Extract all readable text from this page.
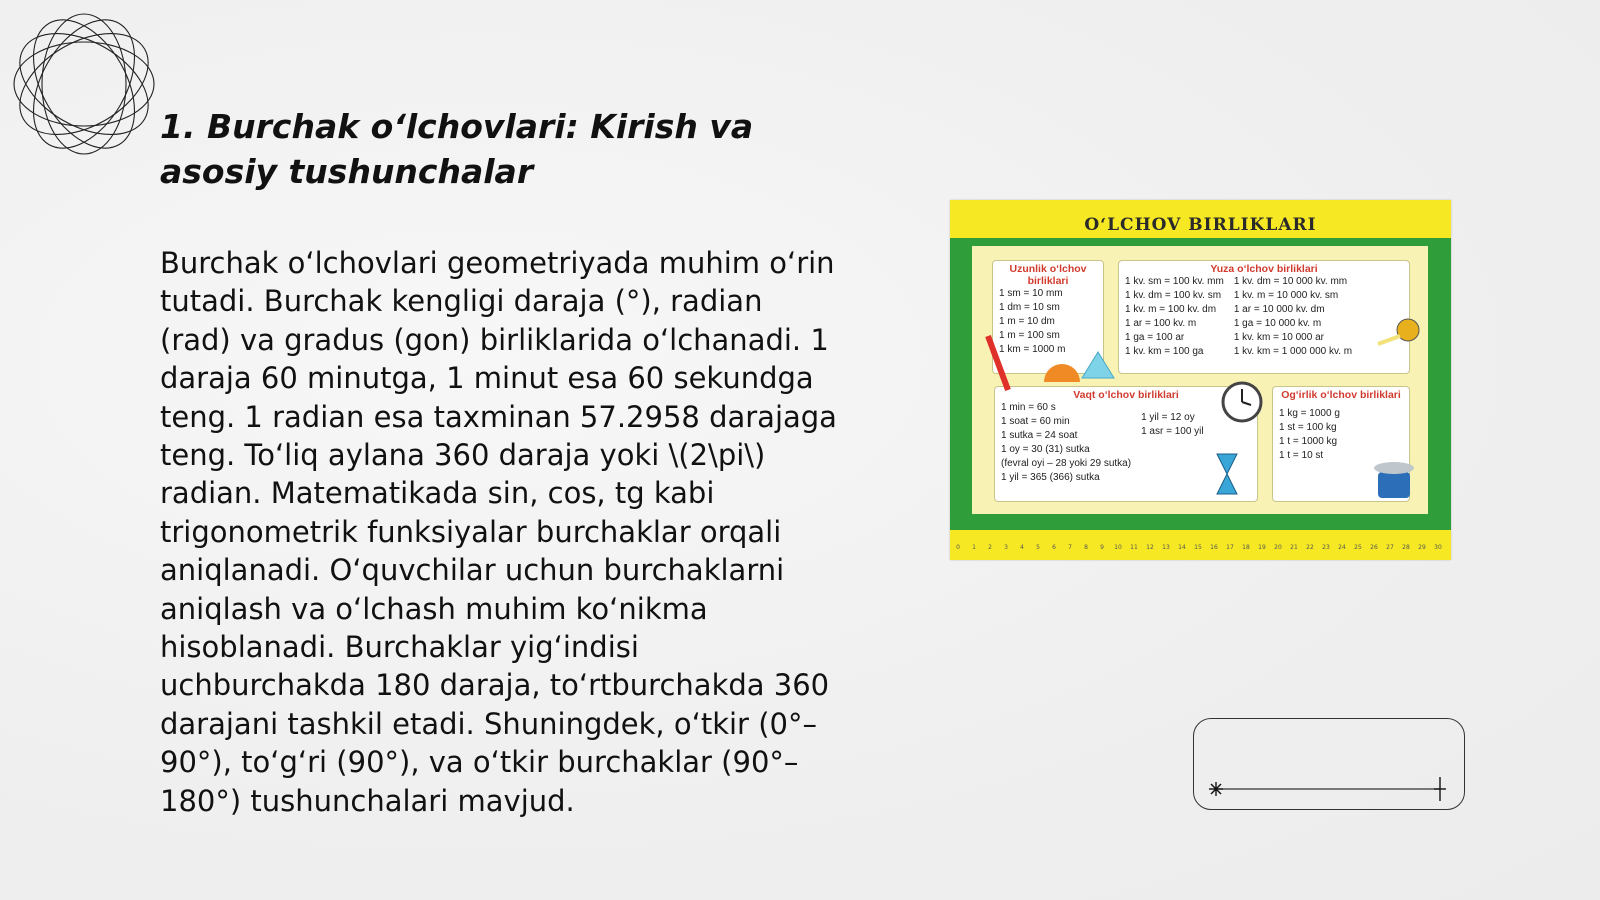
1. Burchak o‘lchovlari: Kirish va asosiy tushunchalar

Burchak o‘lchovlari geometriyada muhim o‘rin tutadi. Burchak kengligi daraja (°), radian (rad) va gradus (gon) birliklarida o‘lchanadi. 1 daraja 60 minutga, 1 minut esa 60 sekundga teng. 1 radian esa taxminan 57.2958 darajaga teng. To‘liq aylana 360 daraja yoki \(2\pi\) radian. Matematikada sin, cos, tg kabi trigonometrik funksiyalar burchaklar orqali aniqlanadi. O‘quvchilar uchun burchaklarni aniqlash va o‘lchash muhim ko‘nikma hisoblanadi. Burchaklar yig‘indisi uchburchakda 180 daraja, to‘rtburchakda 360 darajani tashkil etadi. Shuningdek, o‘tkir (0°–90°), to‘g‘ri (90°), va o‘tkir burchaklar (90°–180°) tushunchalari mavjud.

O‘LCHOV BIRLIKLARI
Uzunlik o‘lchov birliklari
1 sm = 10 mm
1 dm = 10 sm
1 m = 10 dm
1 m = 100 sm
1 km = 1000 m
Yuza o‘lchov birliklari
1 kv. sm = 100 kv. mm
1 kv. dm = 100 kv. sm
1 kv. m = 100 kv. dm
1 ar = 100 kv. m
1 ga = 100 ar
1 kv. km = 100 ga
1 kv. dm = 10 000 kv. mm
1 kv. m = 10 000 kv. sm
1 ar = 10 000 kv. dm
1 ga = 10 000 kv. m
1 kv. km = 10 000 ar
1 kv. km = 1 000 000 kv. m
Vaqt o‘lchov birliklari
1 min = 60 s
1 soat = 60 min
1 sutka = 24 soat
1 oy = 30 (31) sutka
(fevral oyi – 28 yoki 29 sutka)
1 yil = 365 (366) sutka
1 yil = 12 oy
1 asr = 100 yil
Og‘irlik o‘lchov birliklari
1 kg = 1000 g
1 st = 100 kg
1 t = 1000 kg
1 t = 10 st
0 1 2 3 4 5 6 7 8 9 10 11 12 13 14 15 16 17 18 19 20 21 22 23 24 25 26 27 28 29 30
